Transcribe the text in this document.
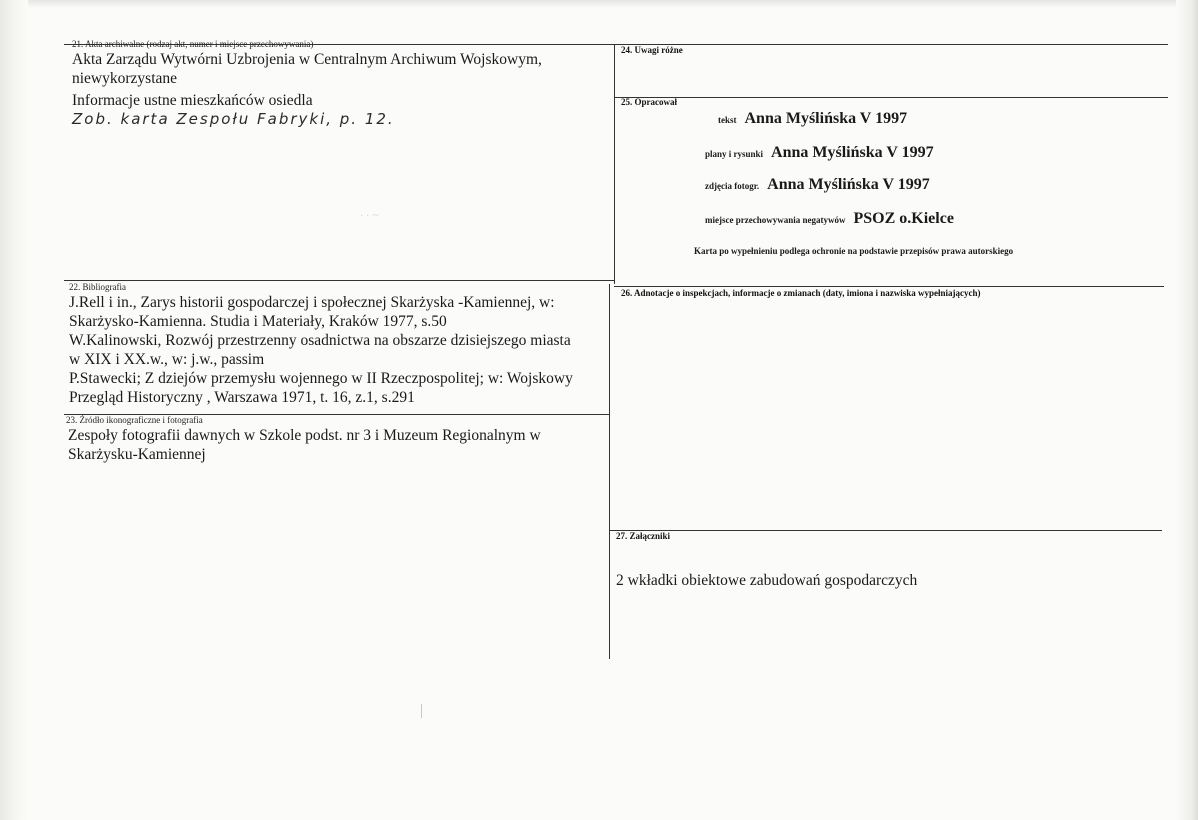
21. Akta archiwalne (rodzaj akt, numer i miejsce przechowywania)
Akta Zarządu Wytwórni Uzbrojenia w Centralnym Archiwum Wojskowym,
niewykorzystane
Informacje ustne mieszkańców osiedla
Zob. karta Zespołu Fabryki, p. 12.
· · ~
22. Bibliografia
J.Rell i in., Zarys historii gospodarczej i społecznej Skarżyska -Kamiennej, w:
Skarżysko-Kamienna. Studia i Materiały, Kraków 1977, s.50
W.Kalinowski, Rozwój przestrzenny osadnictwa na obszarze dzisiejszego miasta
w XIX i XX.w., w: j.w., passim
P.Stawecki; Z dziejów przemysłu wojennego w II Rzeczpospolitej; w: Wojskowy
Przegląd Historyczny , Warszawa 1971, t. 16, z.1, s.291
23. Źródło ikonograficzne i fotografia
Zespoły fotografii dawnych w Szkole podst. nr 3 i Muzeum Regionalnym w
Skarżysku-Kamiennej
24. Uwagi różne
25. Opracował
tekst Anna Myślińska V 1997
plany i rysunki Anna Myślińska V 1997
zdjęcia fotogr. Anna Myślińska V 1997
miejsce przechowywania negatywów PSOZ o.Kielce
Karta po wypełnieniu podlega ochronie na podstawie przepisów prawa autorskiego
26. Adnotacje o inspekcjach, informacje o zmianach (daty, imiona i nazwiska wypełniających)
27. Załączniki
2 wkładki obiektowe zabudowań gospodarczych
